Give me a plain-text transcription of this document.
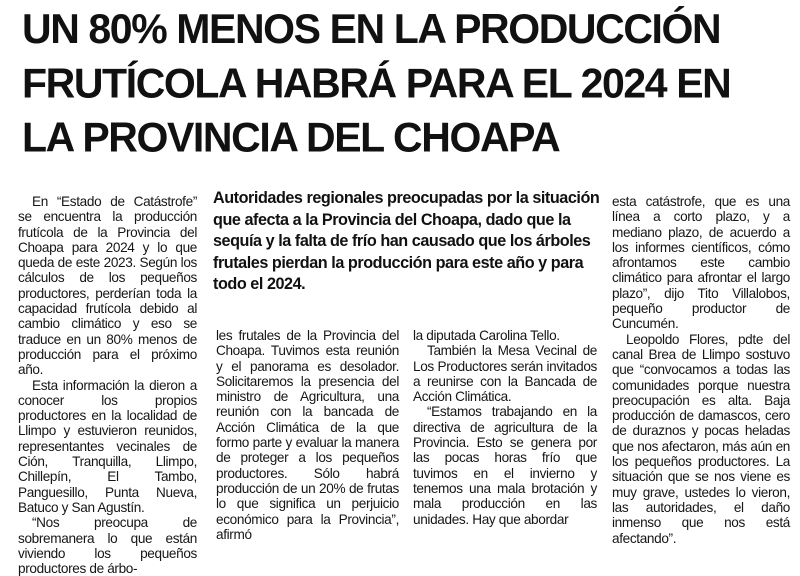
UN 80% MENOS EN LA PRODUCCIÓN
FRUTÍCOLA HABRÁ PARA EL 2024 EN
LA PROVINCIA DEL CHOAPA

En “Estado de Catástrofe” se encuentra la producción frutícola de la Provincia del Choapa para 2024 y lo que queda de este 2023. Según los cálculos de los pequeños productores, perderían toda la capacidad frutícola debido al cambio climático y eso se traduce en un 80% menos de producción para el próximo año.

Esta información la dieron a conocer los propios productores en la localidad de Llimpo y estuvieron reunidos, representantes vecinales de Ción, Tranquilla, Llimpo, Chillepín, El Tambo, Panguesillo, Punta Nueva, Batuco y San Agustín.

“Nos preocupa de sobremanera lo que están viviendo los pequeños productores de árbo-

Autoridades regionales preocupadas por la situación
que afecta a la Provincia del Choapa, dado que la
sequía y la falta de frío han causado que los árboles
frutales pierdan la producción para este año y para
todo el 2024.

les frutales de la Provincia del Choapa. Tuvimos esta reunión y el panorama es desolador. Solicitaremos la presencia del ministro de Agricultura, una reunión con la bancada de Acción Climática de la que formo parte y evaluar la manera de proteger a los pequeños productores. Sólo habrá producción de un 20% de frutas lo que significa un perjuicio económico para la Provincia”, afirmó

la diputada Carolina Tello.

También la Mesa Vecinal de Los Productores serán invitados a reunirse con la Bancada de Acción Climática.

“Estamos trabajando en la directiva de agricultura de la Provincia. Esto se genera por las pocas horas frío que tuvimos en el invierno y tenemos una mala brotación y mala producción en las unidades. Hay que abordar

esta catástrofe, que es una línea a corto plazo, y a mediano plazo, de acuerdo a los informes científicos, cómo afrontamos este cambio climático para afrontar el largo plazo”, dijo Tito Villalobos, pequeño productor de Cuncumén.

Leopoldo Flores, pdte del canal Brea de Llimpo sostuvo que “convocamos a todas las comunidades porque nuestra preocupación es alta. Baja producción de damascos, cero de duraznos y pocas heladas que nos afectaron, más aún en los pequeños productores. La situación que se nos viene es muy grave, ustedes lo vieron, las autoridades, el daño inmenso que nos está afectando”.
